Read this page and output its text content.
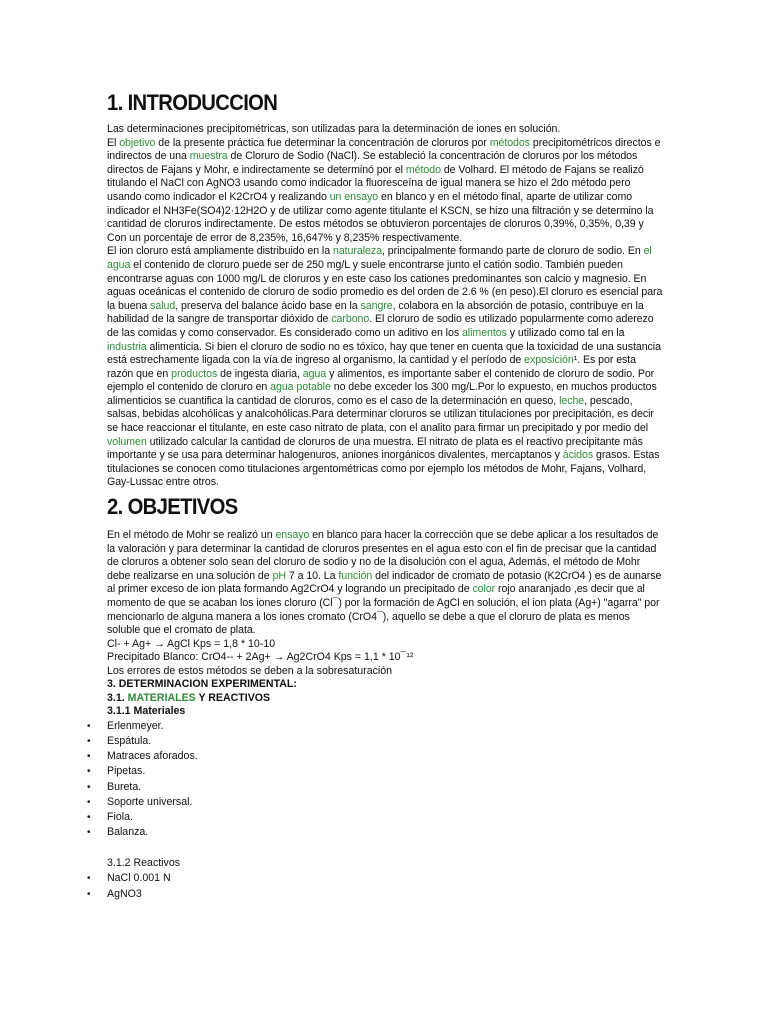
1. INTRODUCCION

Las determinaciones precipitométricas, son utilizadas para la determinación de iones en solución.

El objetivo de la presente práctica fue determinar la concentración de cloruros por métodos precipitométricos directos e indirectos de una muestra de Cloruro de Sodio (NaCl). Se estableció la concentración de cloruros por los métodos directos de Fajans y Mohr, e indirectamente se determinó por el método de Volhard. El método de Fajans se realizó titulando el NaCl con AgNO3 usando como indicador la fluoresceína de igual manera se hizo el 2do método pero usando como indicador el K2CrO4 y realizando un ensayo en blanco y en el método final, aparte de utilizar como indicador el NH3Fe(SO4)2·12H2O y de utilizar como agente titulante el KSCN, se hizo una filtración y se determino la cantidad de cloruros indirectamente. De estos métodos se obtuvieron porcentajes de cloruros 0,39%, 0,35%, 0,39 y Con un porcentaje de error de 8,235%, 16,647% y 8,235% respectivamente.

El ion cloruro está ampliamente distribuido en la naturaleza, principalmente formando parte de cloruro de sodio. En el agua el contenido de cloruro puede ser de 250 mg/L y suele encontrarse junto el catión sodio. También pueden encontrarse aguas con 1000 mg/L de cloruros y en este caso los cationes predominantes son calcio y magnesio. En aguas oceánicas el contenido de cloruro de sodio promedio es del orden de 2.6 % (en peso).El cloruro es esencial para la buena salud, preserva del balance ácido base en la sangre, colabora en la absorción de potasio, contribuye en la habilidad de la sangre de transportar dióxido de carbono. El cloruro de sodio es utilizado popularmente como aderezo de las comidas y como conservador. Es considerado como un aditivo en los alimentos y utilizado como tal en la industria alimenticia. Si bien el cloruro de sodio no es tóxico, hay que tener en cuenta que la toxicidad de una sustancia está estrechamente ligada con la vía de ingreso al organismo, la cantidad y el período de exposición¹. Es por esta razón que en productos de ingesta diaria, agua y alimentos, es importante saber el contenido de cloruro de sodio. Por ejemplo el contenido de cloruro en agua potable no debe exceder los 300 mg/L.Por lo expuesto, en muchos productos alimenticios se cuantifica la cantidad de cloruros, como es el caso de la determinación en queso, leche, pescado, salsas, bebidas alcohólicas y analcohólicas.Para determinar cloruros se utilizan titulaciones por precipitación, es decir se hace reaccionar el titulante, en este caso nitrato de plata, con el analito para firmar un precipitado y por medio del volumen utilizado calcular la cantidad de cloruros de una muestra. El nitrato de plata es el reactivo precipitante más importante y se usa para determinar halogenuros, aniones inorgánicos divalentes, mercaptanos y ácidos grasos. Estas titulaciones se conocen como titulaciones argentométricas como por ejemplo los métodos de Mohr, Fajans, Volhard, Gay-Lussac entre otros.

2. OBJETIVOS

En el método de Mohr se realizó un ensayo en blanco para hacer la corrección que se debe aplicar a los resultados de la valoración y para determinar la cantidad de cloruros presentes en el agua esto con el fin de precisar que la cantidad de cloruros a obtener solo sean del cloruro de sodio y no de la disolución con el agua, Además, el método de Mohr debe realizarse en una solución de pH 7 a 10. La función del indicador de cromato de potasio (K2CrO4 ) es de aunarse al primer exceso de ion plata formando Ag2CrO4 y logrando un precipitado de color rojo anaranjado ,es decir que al momento de que se acaban los iones cloruro (Cl¯) por la formación de AgCl en solución, el ion plata (Ag+) "agarra" por mencionarlo de alguna manera a los iones cromato (CrO4¯), aquello se debe a que el cloruro de plata es menos soluble que el cromato de plata.

Cl- + Ag+ → AgCl Kps = 1,8 * 10-10

Precipitado Blanco: CrO4-- + 2Ag+ → Ag2CrO4 Kps = 1,1 * 10¯¹²

Los errores de estos métodos se deben a la sobresaturación

3. DETERMINACION EXPERIMENTAL:

3.1. MATERIALES Y REACTIVOS

3.1.1 Materiales

• Erlenmeyer.
• Espátula.
• Matraces aforados.
• Pipetas.
• Bureta.
• Soporte universal.
• Fiola.
• Balanza.

3.1.2 Reactivos

• NaCl 0.001 N
• AgNO3
